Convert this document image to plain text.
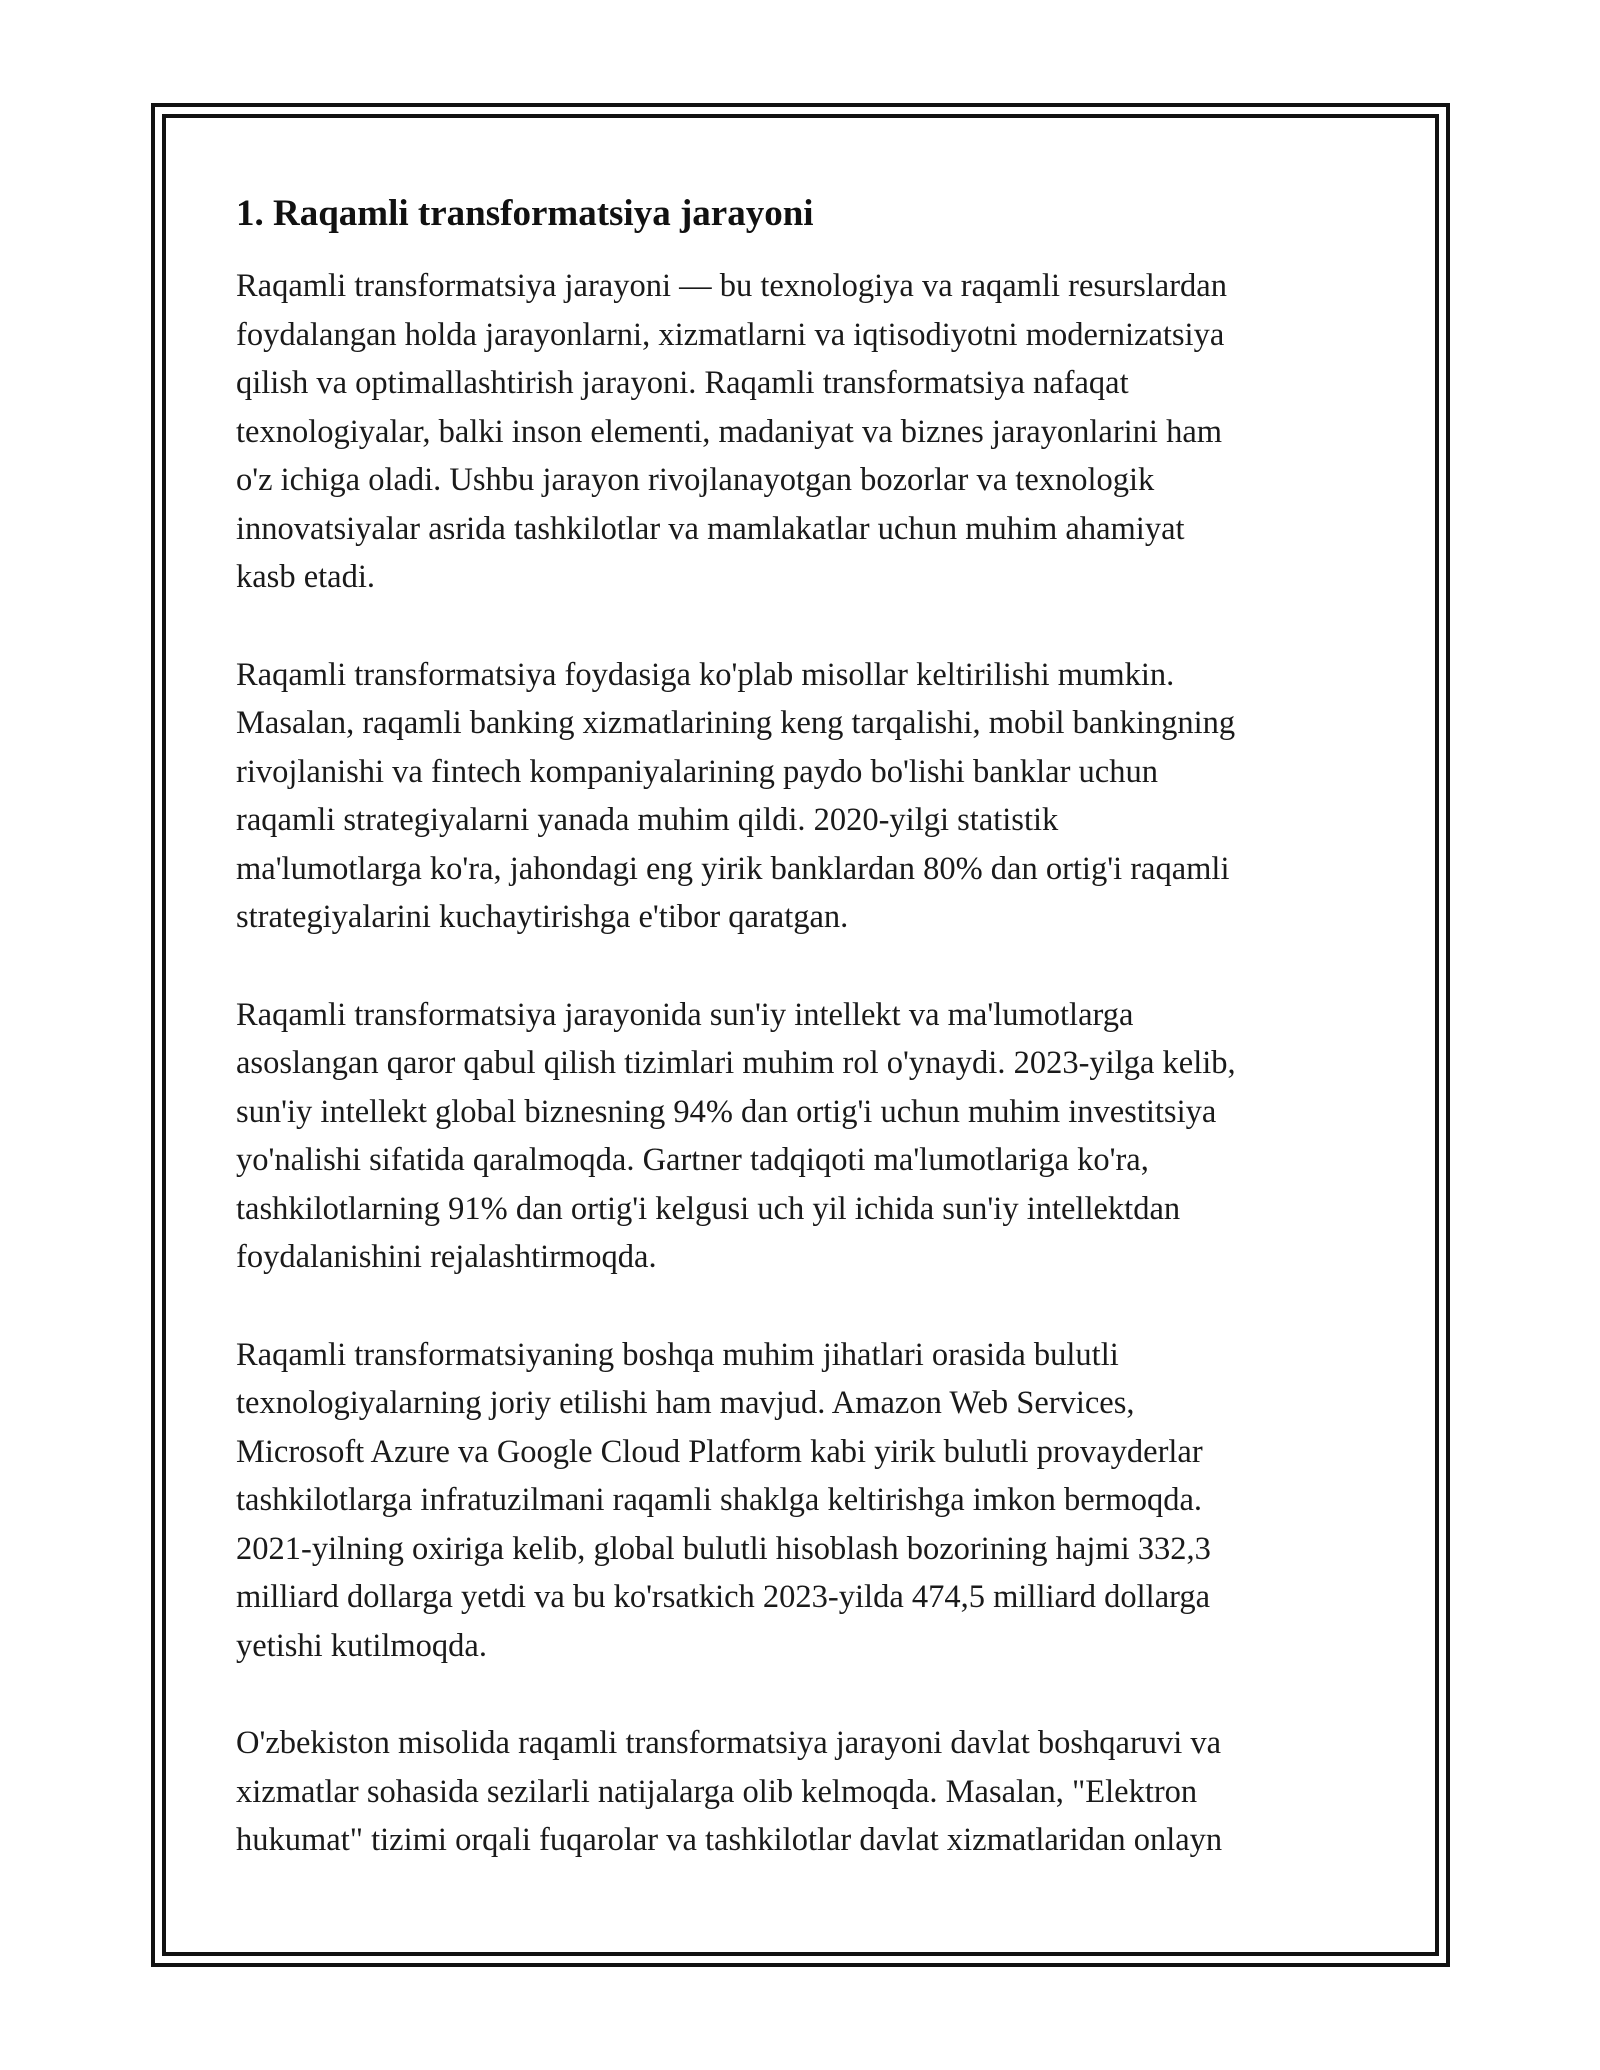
1. Raqamli transformatsiya jarayoni

Raqamli transformatsiya jarayoni — bu texnologiya va raqamli resurslardan
foydalangan holda jarayonlarni, xizmatlarni va iqtisodiyotni modernizatsiya
qilish va optimallashtirish jarayoni. Raqamli transformatsiya nafaqat
texnologiyalar, balki inson elementi, madaniyat va biznes jarayonlarini ham
o'z ichiga oladi. Ushbu jarayon rivojlanayotgan bozorlar va texnologik
innovatsiyalar asrida tashkilotlar va mamlakatlar uchun muhim ahamiyat
kasb etadi.

Raqamli transformatsiya foydasiga ko'plab misollar keltirilishi mumkin.
Masalan, raqamli banking xizmatlarining keng tarqalishi, mobil bankingning
rivojlanishi va fintech kompaniyalarining paydo bo'lishi banklar uchun
raqamli strategiyalarni yanada muhim qildi. 2020-yilgi statistik
ma'lumotlarga ko'ra, jahondagi eng yirik banklardan 80% dan ortig'i raqamli
strategiyalarini kuchaytirishga e'tibor qaratgan.

Raqamli transformatsiya jarayonida sun'iy intellekt va ma'lumotlarga
asoslangan qaror qabul qilish tizimlari muhim rol o'ynaydi. 2023-yilga kelib,
sun'iy intellekt global biznesning 94% dan ortig'i uchun muhim investitsiya
yo'nalishi sifatida qaralmoqda. Gartner tadqiqoti ma'lumotlariga ko'ra,
tashkilotlarning 91% dan ortig'i kelgusi uch yil ichida sun'iy intellektdan
foydalanishini rejalashtirmoqda.

Raqamli transformatsiyaning boshqa muhim jihatlari orasida bulutli
texnologiyalarning joriy etilishi ham mavjud. Amazon Web Services,
Microsoft Azure va Google Cloud Platform kabi yirik bulutli provayderlar
tashkilotlarga infratuzilmani raqamli shaklga keltirishga imkon bermoqda.
2021-yilning oxiriga kelib, global bulutli hisoblash bozorining hajmi 332,3
milliard dollarga yetdi va bu ko'rsatkich 2023-yilda 474,5 milliard dollarga
yetishi kutilmoqda.

O'zbekiston misolida raqamli transformatsiya jarayoni davlat boshqaruvi va
xizmatlar sohasida sezilarli natijalarga olib kelmoqda. Masalan, "Elektron
hukumat" tizimi orqali fuqarolar va tashkilotlar davlat xizmatlaridan onlayn
